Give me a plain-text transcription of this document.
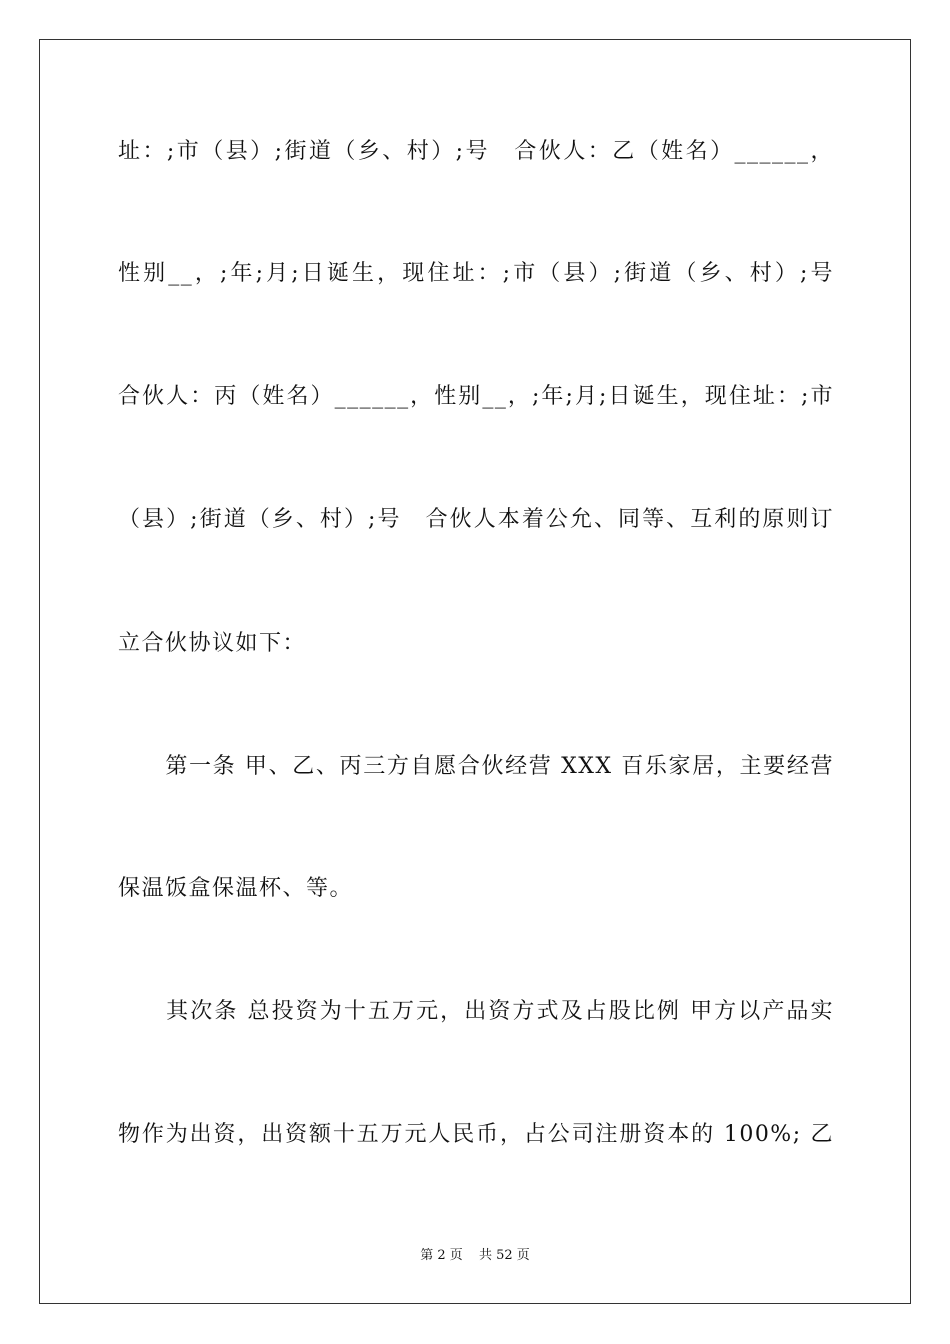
址：;市（县）;街道（乡、村）;号　合伙人：乙（姓名）______，
性别__，;年;月;日诞生，现住址：;市（县）;街道（乡、村）;号
合伙人：丙（姓名）______，性别__，;年;月;日诞生，现住址：;市
（县）;街道（乡、村）;号　合伙人本着公允、同等、互利的原则订
立合伙协议如下：
　　第一条 甲、乙、丙三方自愿合伙经营 XXX 百乐家居，主要经营
保温饭盒保温杯、等。
　　其次条 总投资为十五万元，出资方式及占股比例 甲方以产品实
物作为出资，出资额十五万元人民币，占公司注册资本的 100%; 乙
第 2 页 共 52 页
